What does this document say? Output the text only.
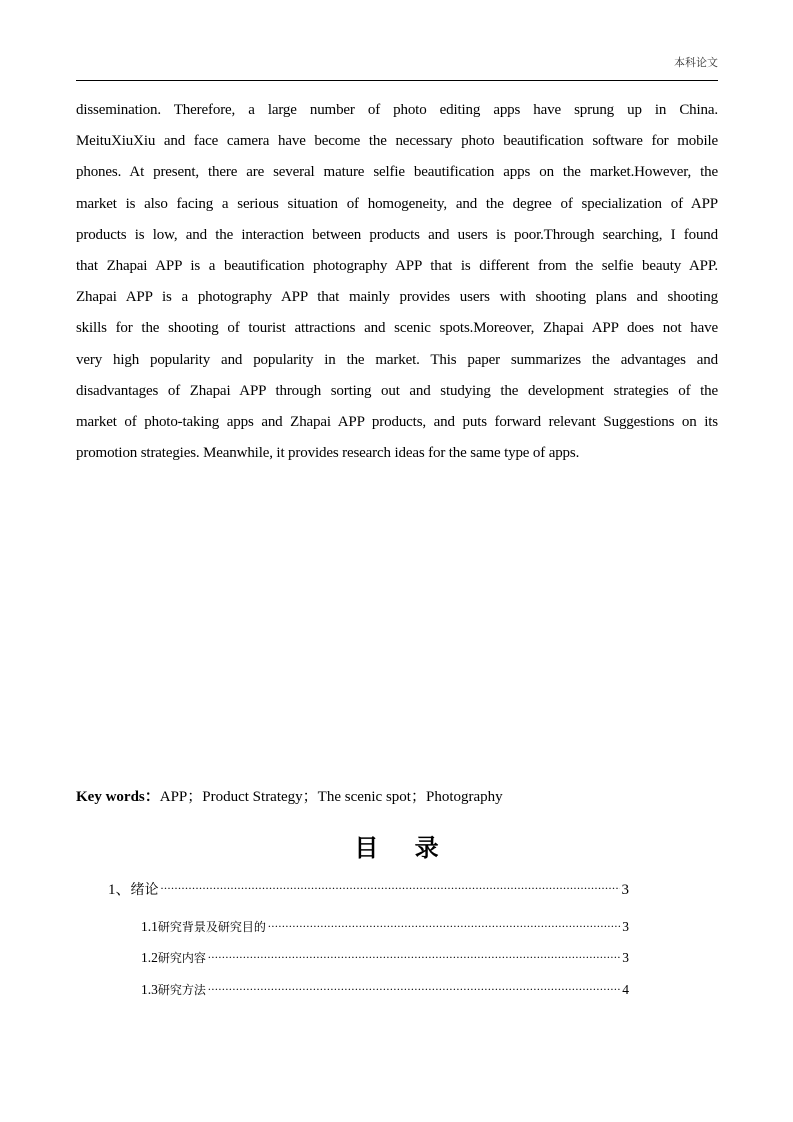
本科论文
dissemination. Therefore, a large number of photo editing apps have sprung up in China.
MeituXiuXiu and face camera have become the necessary photo beautification software for mobile
phones. At present, there are several mature selfie beautification apps on the market.However, the
market is also facing a serious situation of homogeneity, and the degree of specialization of APP
products is low, and the interaction between products and users is poor.Through searching, I found
that Zhapai APP is a beautification photography APP that is different from the selfie beauty APP.
Zhapai APP is a photography APP that mainly provides users with shooting plans and shooting
skills for the shooting of tourist attractions and scenic spots.Moreover, Zhapai APP does not have
very high popularity and popularity in the market. This paper summarizes the advantages and
disadvantages of Zhapai APP through sorting out and studying the development strategies of the
market of photo-taking apps and Zhapai APP products, and puts forward relevant Suggestions on its
promotion strategies. Meanwhile, it provides research ideas for the same type of apps.
Key words：APP；Product Strategy；The scenic spot；Photography
目 录
1、 绪论 .....	3
1.1 研究背景及研究目的 .....	3
1.2 研究内容 .....	3
1.3 研究方法 .....	4
